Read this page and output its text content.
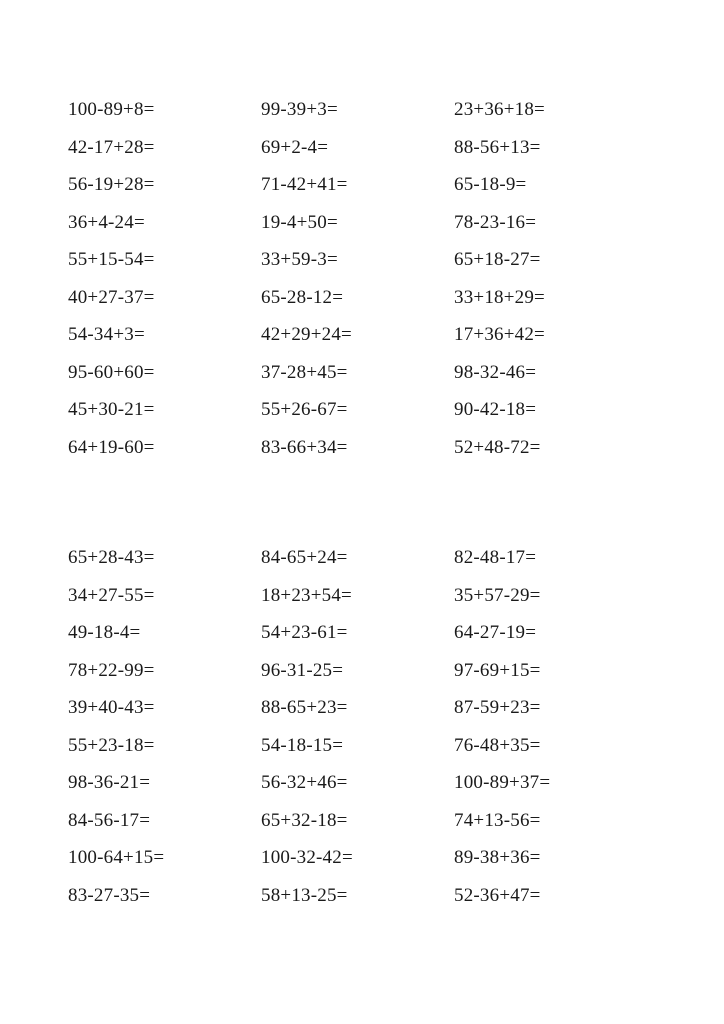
100-89+8=	99-39+3=	23+36+18=
42-17+28=	69+2-4=	88-56+13=
56-19+28=	71-42+41=	65-18-9=
36+4-24=	19-4+50=	78-23-16=
55+15-54=	33+59-3=	65+18-27=
40+27-37=	65-28-12=	33+18+29=
54-34+3=	42+29+24=	17+36+42=
95-60+60=	37-28+45=	98-32-46=
45+30-21=	55+26-67=	90-42-18=
64+19-60=	83-66+34=	52+48-72=
65+28-43=	84-65+24=	82-48-17=
34+27-55=	18+23+54=	35+57-29=
49-18-4=	54+23-61=	64-27-19=
78+22-99=	96-31-25=	97-69+15=
39+40-43=	88-65+23=	87-59+23=
55+23-18=	54-18-15=	76-48+35=
98-36-21=	56-32+46=	100-89+37=
84-56-17=	65+32-18=	74+13-56=
100-64+15=	100-32-42=	89-38+36=
83-27-35=	58+13-25=	52-36+47=
